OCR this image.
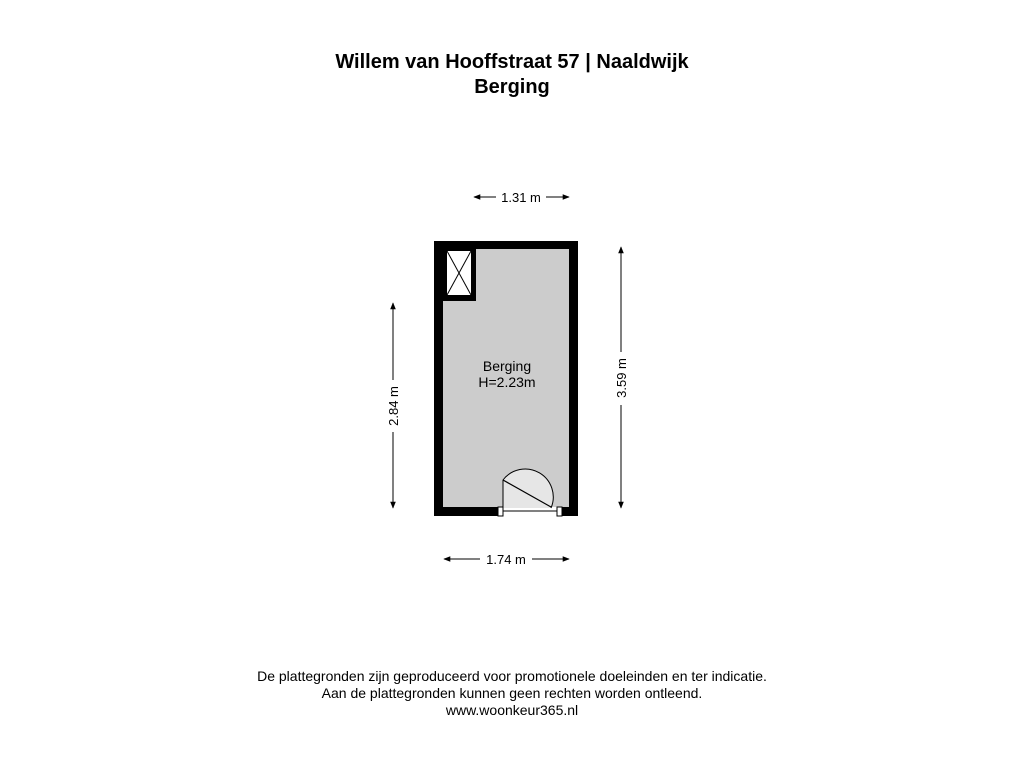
Willem van Hooffstraat 57 | Naaldwijk
Berging
Berging
H=2.23m
1.31 m
1.74 m
2.84 m
3.59 m
De plattegronden zijn geproduceerd voor promotionele doeleinden en ter indicatie.
Aan de plattegronden kunnen geen rechten worden ontleend.
www.woonkeur365.nl
